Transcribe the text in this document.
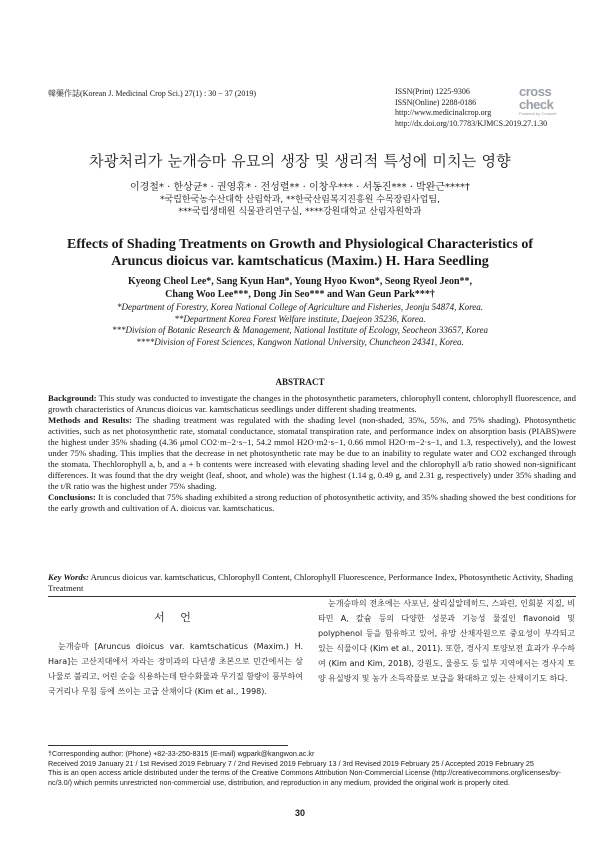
韓藥作誌(Korean J. Medicinal Crop Sci.) 27(1) : 30 − 37 (2019)	ISSN(Print) 1225-9306
ISSN(Online) 2288-0186
http://www.medicinalcrop.org
http://dx.doi.org/10.7783/KJMCS.2019.27.1.30
cross
check
Powered by Crossref
차광처리가 눈개승마 유묘의 생장 및 생리적 특성에 미치는 영향
이경철* · 한상균* · 권영휴* · 전성렬** · 이창우*** · 서동진*** · 박완근****†
*국립한국농수산대학 산림학과, **한국산림복지진흥원 수목장림사업팀,
***국립생태원 식물관리연구실, ****강원대학교 산림자원학과
Effects of Shading Treatments on Growth and Physiological Characteristics of
Aruncus dioicus var. kamtschaticus (Maxim.) H. Hara Seedling
Kyeong Cheol Lee*, Sang Kyun Han*, Young Hyoo Kwon*, Seong Ryeol Jeon**,
Chang Woo Lee***, Dong Jin Seo*** and Wan Geun Park***†
*Department of Forestry, Korea National College of Agriculture and Fisheries, Jeonju 54874, Korea.
**Department Korea Forest Welfare institute, Daejeon 35236, Korea.
***Division of Botanic Research & Management, National Institute of Ecology, Seocheon 33657, Korea
****Division of Forest Sciences, Kangwon National University, Chuncheon 24341, Korea.
ABSTRACT

Background: This study was conducted to investigate the changes in the photosynthetic parameters, chlorophyll content, chlorophyll fluorescence, and growth characteristics of Aruncus dioicus var. kamtschaticus seedlings under different shading treatments.

Methods and Results: The shading treatment was regulated with the shading level (non-shaded, 35%, 55%, and 75% shading). Photosynthetic activities, such as net photosynthetic rate, stomatal conductance, stomatal transpiration rate, and performance index on absorption basis (PIABS)were the highest under 35% shading (4.36 μmol CO2·m−2·s−1, 54.2 mmol H2O·m2·s−1, 0.66 mmol H2O·m−2·s−1, and 1.3, respectively), and the lowest under 75% shading. This implies that the decrease in net photosynthetic rate may be due to an inability to regulate water and CO2 exchanged through the stomata. Thechlorophyll a, b, and a + b contents were increased with elevating shading level and the chlorophyll a/b ratio showed non-significant differences. It was found that the dry weight (leaf, shoot, and whole) was the highest (1.14 g, 0.49 g, and 2.31 g, respectively) under 35% shading and the t/R ratio was the highest under 75% shading.

Conclusions: It is concluded that 75% shading exhibited a strong reduction of photosynthetic activity, and 35% shading showed the best conditions for the early growth and cultivation of A. dioicus var. kamtschaticus.

Key Words: Aruncus dioicus var. kamtschaticus, Chlorophyll Content, Chlorophyll Fluorescence, Performance Index, Photosynthetic Activity, Shading Treatment
서 언

눈개승마 [Aruncus dioicus var. kamtschaticus (Maxim.) H. Hara]는 고산지대에서 자라는 장미과의 다년생 초본으로 민간에서는 삼나물로 불리고, 어린 순을 식용하는데 탄수화물과 무기질 함량이 풍부하여 국거리나 무침 등에 쓰이는 고급 산채이다 (Kim et al., 1998).

눈개승마의 전초에는 사포닌, 살리실알데히드, 스파린, 인회분 지질, 비타민 A, 칼슘 등의 다양한 성분과 기능성 물질인 flavonoid 및 polyphenol 등을 함유하고 있어, 유망 산채자원으로 중요성이 부각되고 있는 식물이다 (Kim et al., 2011). 또한, 경사지 토양보전 효과가 우수하여 (Kim and Kim, 2018), 강원도, 울릉도 등 일부 지역에서는 경사지 토양 유실방지 및 농가 소득작물로 보급을 확대하고 있는 산채이기도 하다.

†Corresponding author: (Phone) +82-33-250-8315 (E-mail) wgpark@kangwon.ac.kr
Received 2019 January 21 / 1st Revised 2019 February 7 / 2nd Revised 2019 February 13 / 3rd Revised 2019 February 25 / Accepted 2019 February 25
This is an open access article distributed under the terms of the Creative Commons Attribution Non-Commercial License (http://creativecommons.org/licenses/by-nc/3.0/) which permits unrestricted non-commercial use, distribution, and reproduction in any medium, provided the original work is properly cited.
30
